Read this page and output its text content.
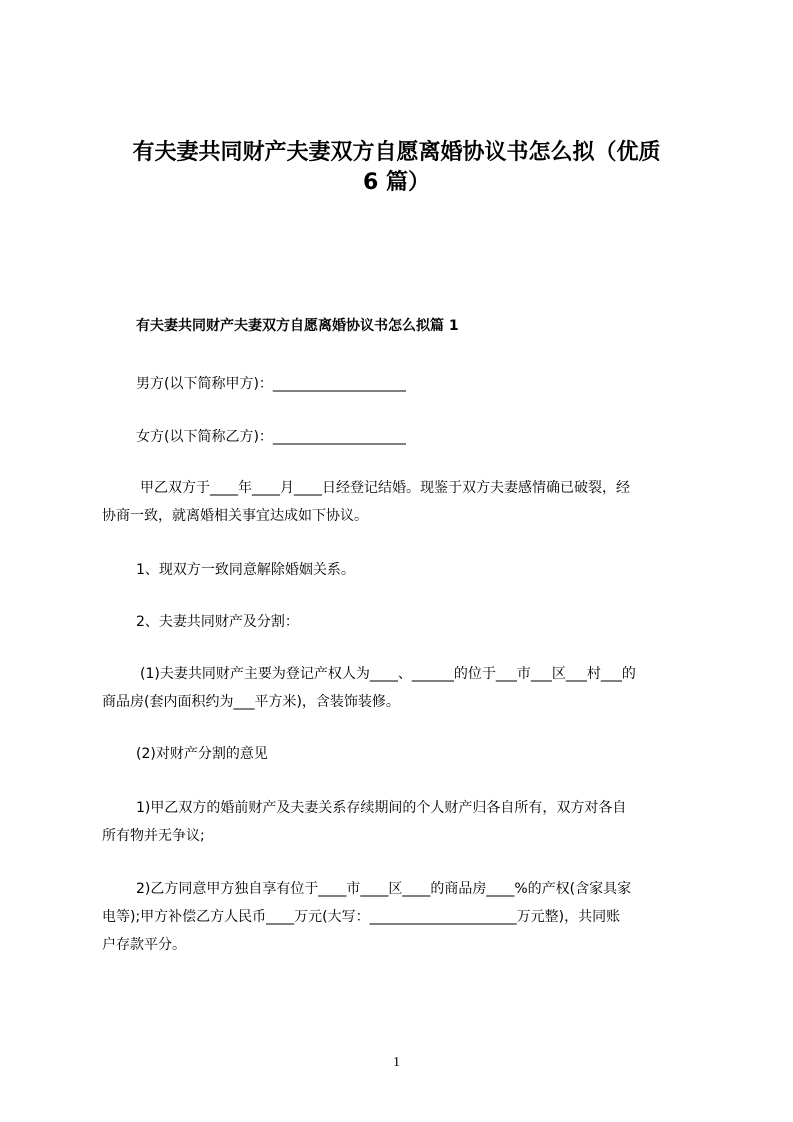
有夫妻共同财产夫妻双方自愿离婚协议书怎么拟（优质
6 篇）
有夫妻共同财产夫妻双方自愿离婚协议书怎么拟篇 1
男方(以下简称甲方)：___________________
女方(以下简称乙方)：___________________
甲乙双方于____年____月____日经登记结婚。现鉴于双方夫妻感情确已破裂，经
协商一致，就离婚相关事宜达成如下协议。
1、现双方一致同意解除婚姻关系。
2、夫妻共同财产及分割：
(1)夫妻共同财产主要为登记产权人为____、______的位于___市___区___村___的
商品房(套内面积约为___平方米)，含装饰装修。
(2)对财产分割的意见
1)甲乙双方的婚前财产及夫妻关系存续期间的个人财产归各自所有，双方对各自
所有物并无争议;
2)乙方同意甲方独自享有位于____市____区____的商品房____%的产权(含家具家
电等);甲方补偿乙方人民币____万元(大写：_____________________万元整)，共同账
户存款平分。
1
